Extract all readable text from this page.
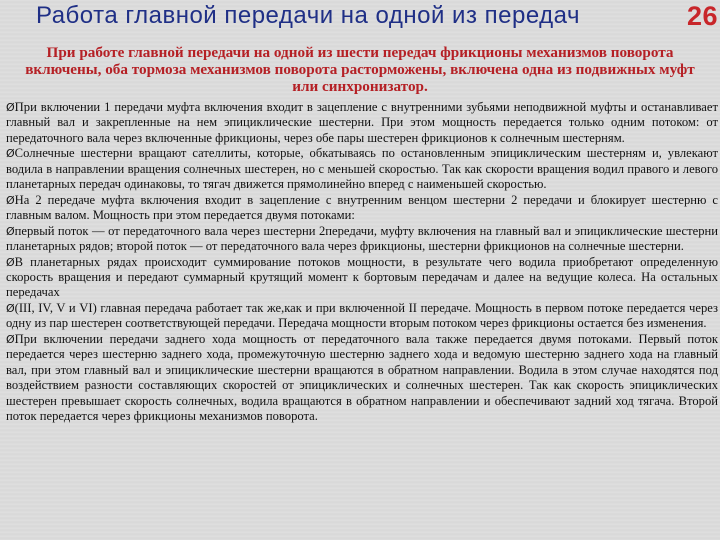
Работа главной передачи на одной из передач	26
При работе главной передачи на одной из шести передач фрикционы механизмов поворота включены, оба тормоза механизмов поворота расторможены, включена одна из подвижных муфт или синхронизатор.

ØПри включении 1 передачи муфта включения входит в зацепление с внутренними зубьями неподвижной муфты и останавливает главный вал и закрепленные на нем эпициклические шестерни. При этом мощность передается только одним потоком: от передаточного вала через включенные фрикционы, через обе пары шестерен фрикционов к солнечным шестерням.

ØСолнечные шестерни вращают сателлиты, которые, обкатываясь по остановленным эпициклическим шестерням и, увлекают водила в направлении вращения солнечных шестерен, но с меньшей скоростью. Так как скорости вращения водил правого и левого планетарных передач одинаковы, то тягач движется прямолинейно вперед с наименьшей скоростью.

ØНа 2 передаче муфта включения входит в зацепление с внутренним венцом шестерни 2 передачи и блокирует шестерню с главным валом. Мощность при этом передается двумя потоками:

Øпервый поток — от передаточного вала через шестерни 2передачи, муфту включения на главный вал и эпициклические шестерни планетарных рядов; второй поток — от передаточного вала через фрикционы, шестерни фрикционов на солнечные шестерни.

ØВ планетарных рядах происходит суммирование потоков мощности, в результате чего водила приобретают определенную скорость вращения и передают суммарный крутящий момент к бортовым передачам и далее на ведущие колеса. На остальных передачах

Ø(III, IV, V и VI) главная передача работает так же,как и при включенной II передаче. Мощность в первом потоке передается через одну из пар шестерен соответствующей передачи. Передача мощности вторым потоком через фрикционы остается без изменения.

ØПри включении передачи заднего хода мощность от передаточного вала также передается двумя потоками. Первый поток передается через шестерню заднего хода, промежуточную шестерню заднего хода и ведомую шестерню заднего хода на главный вал, при этом главный вал и эпициклические шестерни вращаются в обратном направлении. Водила в этом случае находятся под воздействием разности составляющих скоростей от эпициклических и солнечных шестерен. Так как скорость эпициклических шестерен превышает скорость солнечных, водила вращаются в обратном направлении и обеспечивают задний ход тягача. Второй поток передается через фрикционы механизмов поворота.
